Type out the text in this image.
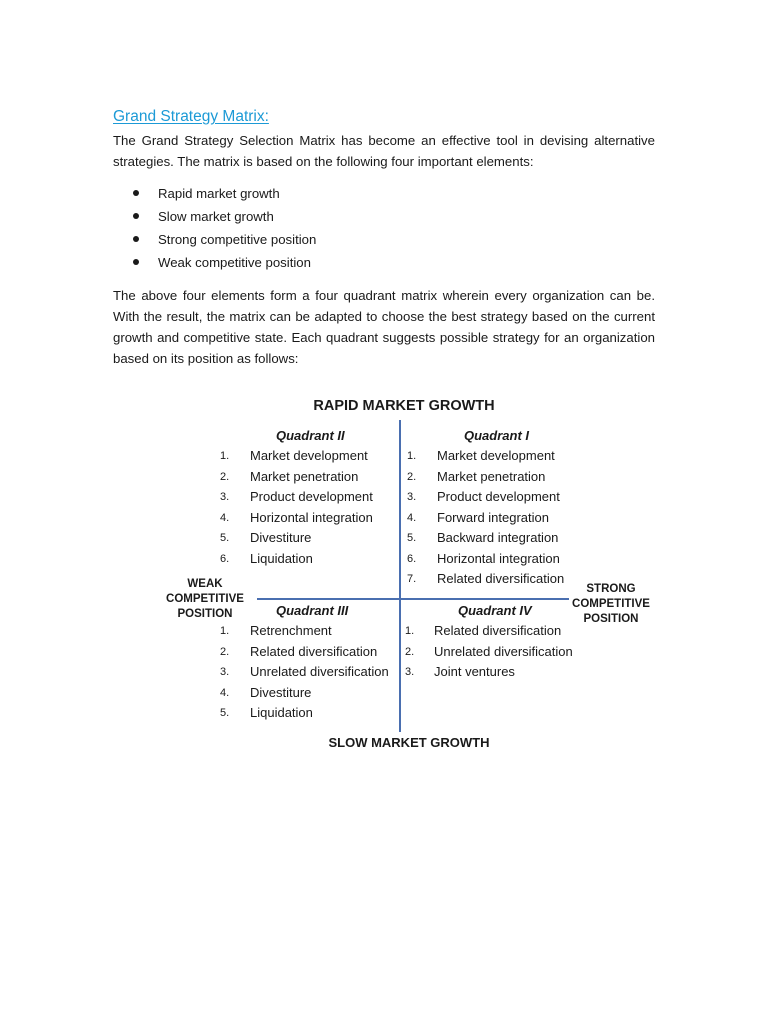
Grand Strategy Matrix:
The Grand Strategy Selection Matrix has become an effective tool in devising alternative strategies. The matrix is based on the following four important elements:
Rapid market growth
Slow market growth
Strong competitive position
Weak competitive position
The above four elements form a four quadrant matrix wherein every organization can be. With the result, the matrix can be adapted to choose the best strategy based on the current growth and competitive state. Each quadrant suggests possible strategy for an organization based on its position as follows:
RAPID MARKET GROWTH
SLOW MARKET GROWTH
WEAK
COMPETITIVE
POSITION
STRONG
COMPETITIVE
POSITION
Quadrant II	Quadrant I
Quadrant III	Quadrant IV
1. Market development
2. Market penetration
3. Product development
4. Horizontal integration
5. Divestiture
6. Liquidation
1. Market development
2. Market penetration
3. Product development
4. Forward integration
5. Backward integration
6. Horizontal integration
7. Related diversification
1. Retrenchment
2. Related diversification
3. Unrelated diversification
4. Divestiture
5. Liquidation
1. Related diversification
2. Unrelated diversification
3. Joint ventures
